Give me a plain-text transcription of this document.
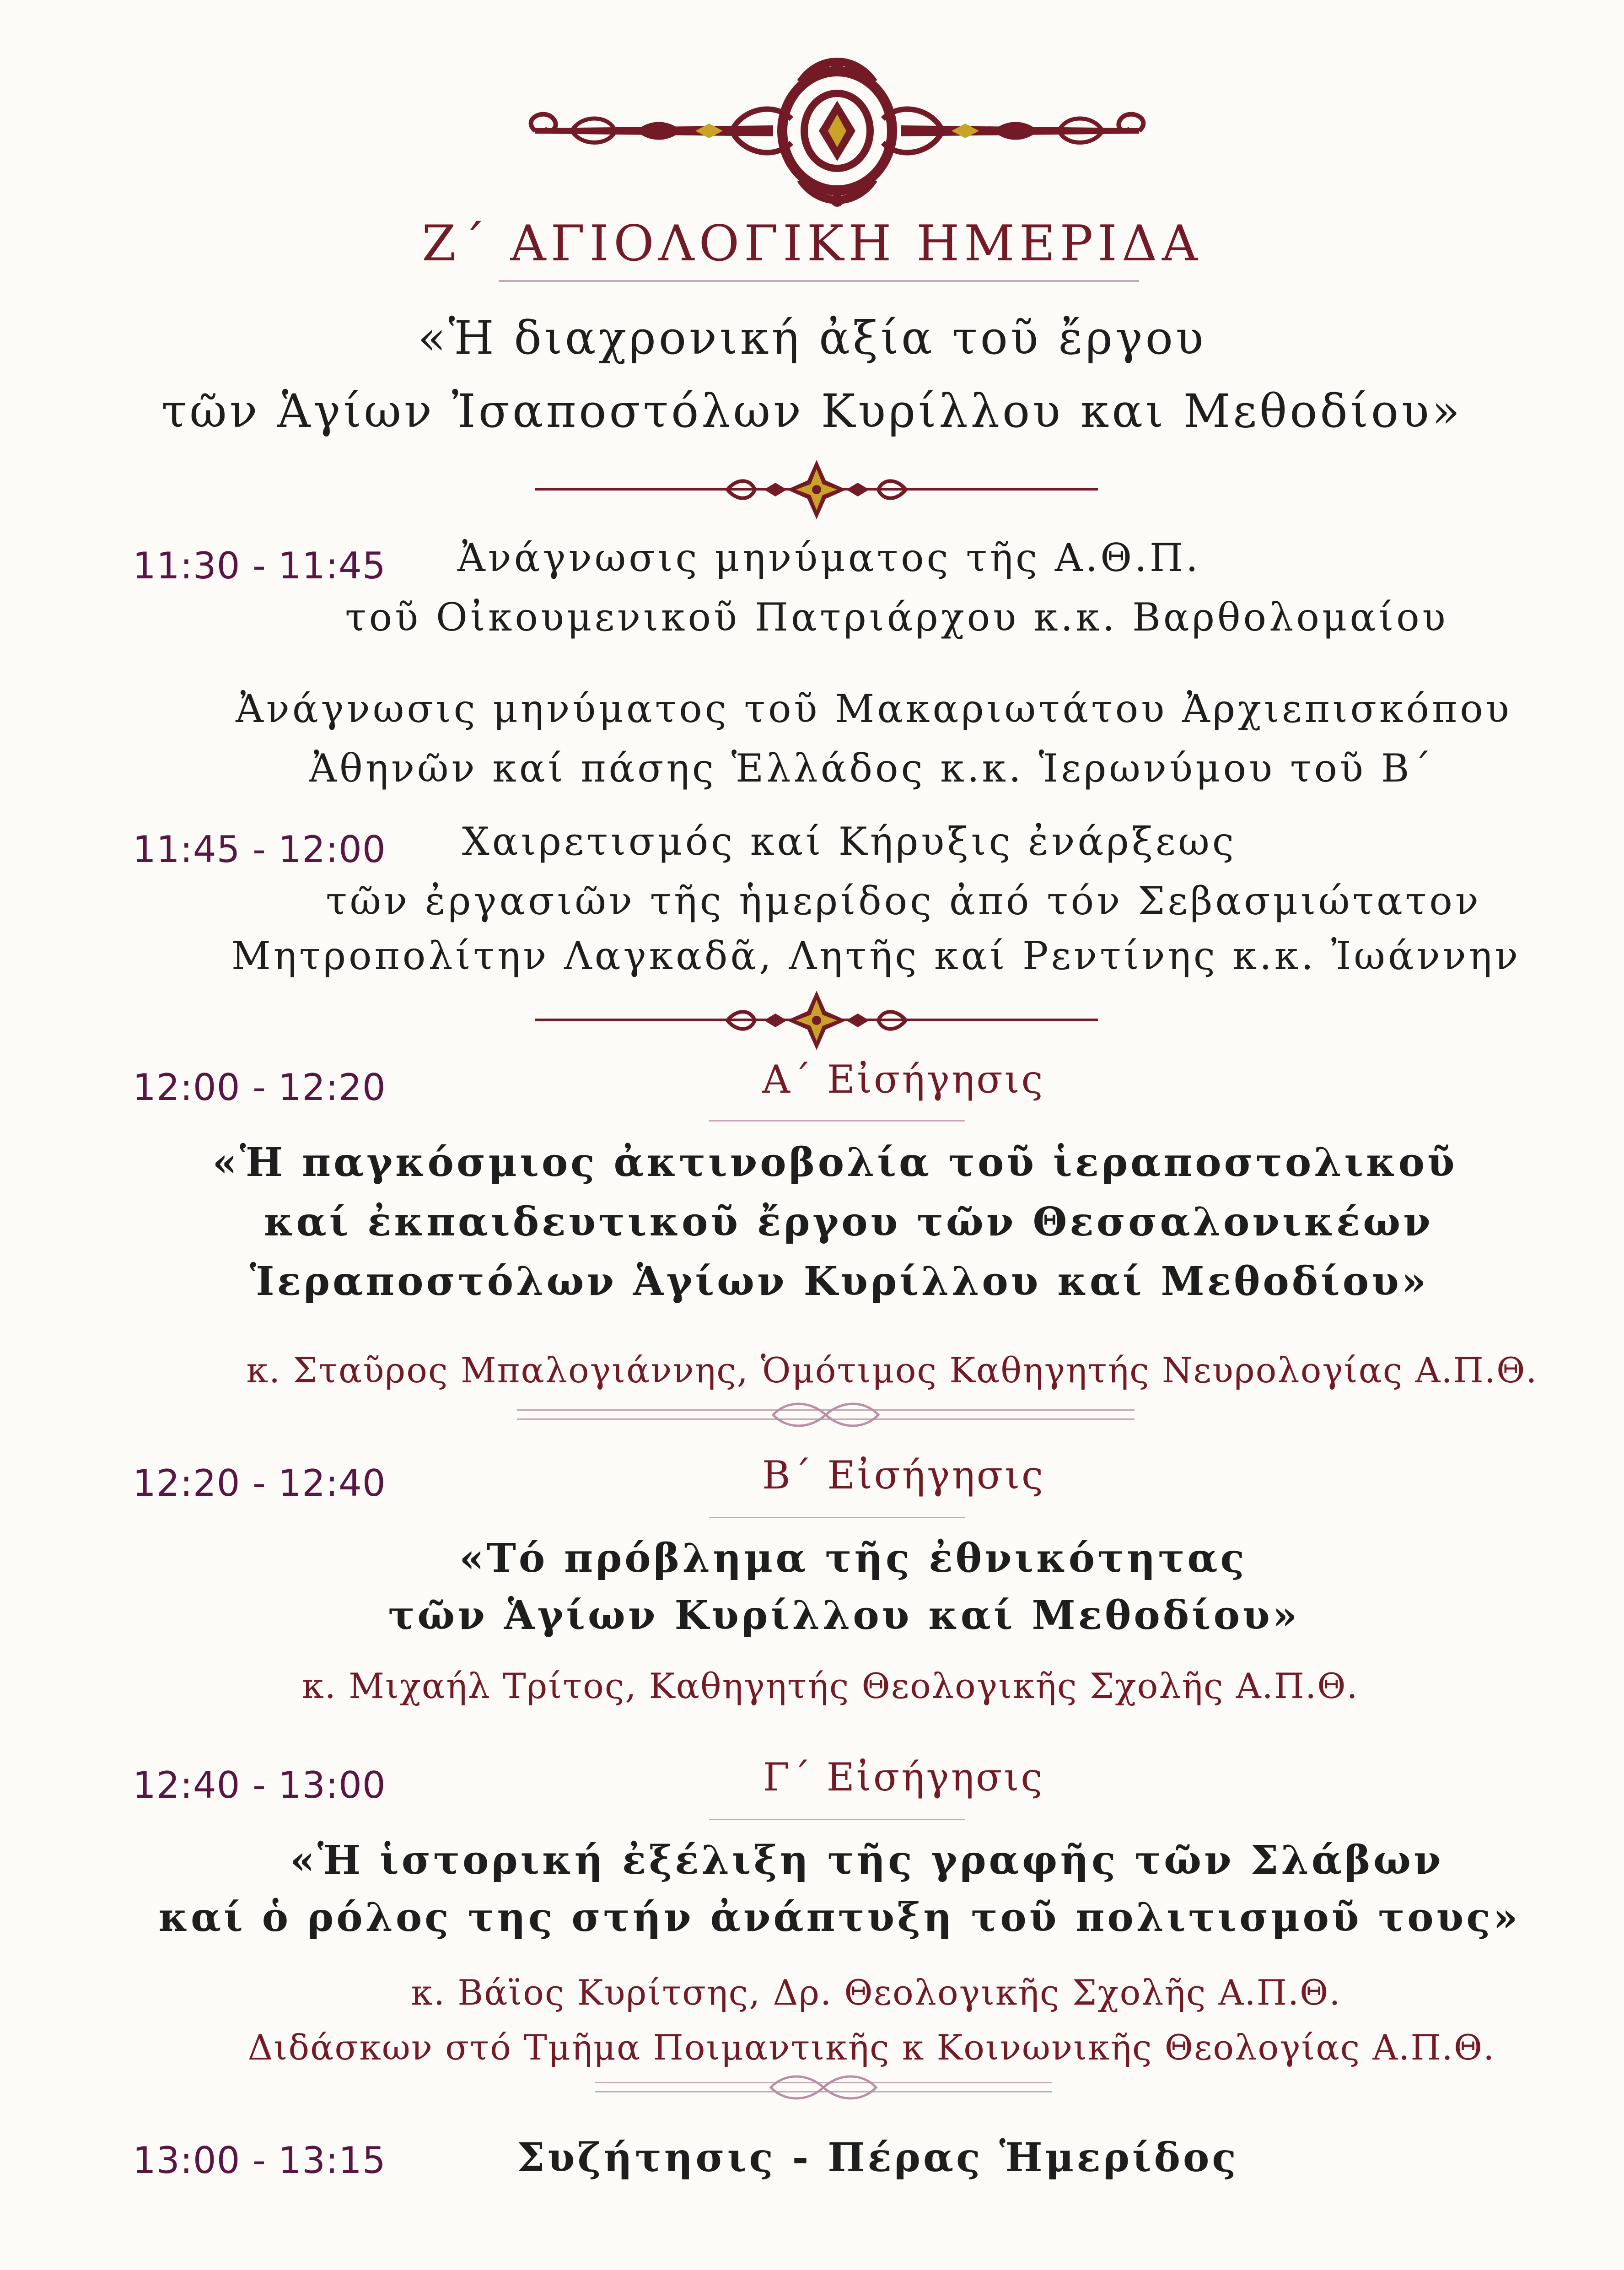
Ζ΄ ΑΓΙΟΛΟΓΙΚΗ ΗΜΕΡΙΔΑ
«Ἡ διαχρονική ἀξία τοῦ ἔργου
τῶν Ἁγίων Ἰσαποστόλων Κυρίλλου και Μεθοδίου»
11:30 - 11:45 Ἀνάγνωσις μηνύματος τῆς Α.Θ.Π.
τοῦ Οἰκουμενικοῦ Πατριάρχου κ.κ. Βαρθολομαίου
Ἀνάγνωσις μηνύματος τοῦ Μακαριωτάτου Ἀρχιεπισκόπου
Ἀθηνῶν καί πάσης Ἑλλάδος κ.κ. Ἱερωνύμου τοῦ Β΄
11:45 - 12:00 Χαιρετισμός καί Κήρυξις ἐνάρξεως
τῶν ἐργασιῶν τῆς ἡμερίδος ἀπό τόν Σεβασμιώτατον
Μητροπολίτην Λαγκαδᾶ, Λητῆς καί Ρεντίνης κ.κ. Ἰωάννην
12:00 - 12:20	Α΄ Εἰσήγησις
«Ἡ παγκόσμιος ἀκτινοβολία τοῦ ἱεραποστολικοῦ
καί ἐκπαιδευτικοῦ ἔργου τῶν Θεσσαλονικέων
Ἱεραποστόλων Ἁγίων Κυρίλλου καί Μεθοδίου»
κ. Σταῦρος Μπαλογιάννης, Ὁμότιμος Καθηγητής Νευρολογίας Α.Π.Θ.
12:20 - 12:40	Β΄ Εἰσήγησις
«Τό πρόβλημα τῆς ἐθνικότητας
τῶν Ἁγίων Κυρίλλου καί Μεθοδίου»
κ. Μιχαήλ Τρίτος, Καθηγητής Θεολογικῆς Σχολῆς Α.Π.Θ.
12:40 - 13:00	Γ΄ Εἰσήγησις
«Ἡ ἱστορική ἐξέλιξη τῆς γραφῆς τῶν Σλάβων
καί ὁ ρόλος της στήν ἀνάπτυξη τοῦ πολιτισμοῦ τους»
κ. Βάϊος Κυρίτσης, Δρ. Θεολογικῆς Σχολῆς Α.Π.Θ.
Διδάσκων στό Τμῆμα Ποιμαντικῆς κ Κοινωνικῆς Θεολογίας Α.Π.Θ.
13:00 - 13:15	Συζήτησις - Πέρας Ἡμερίδος
